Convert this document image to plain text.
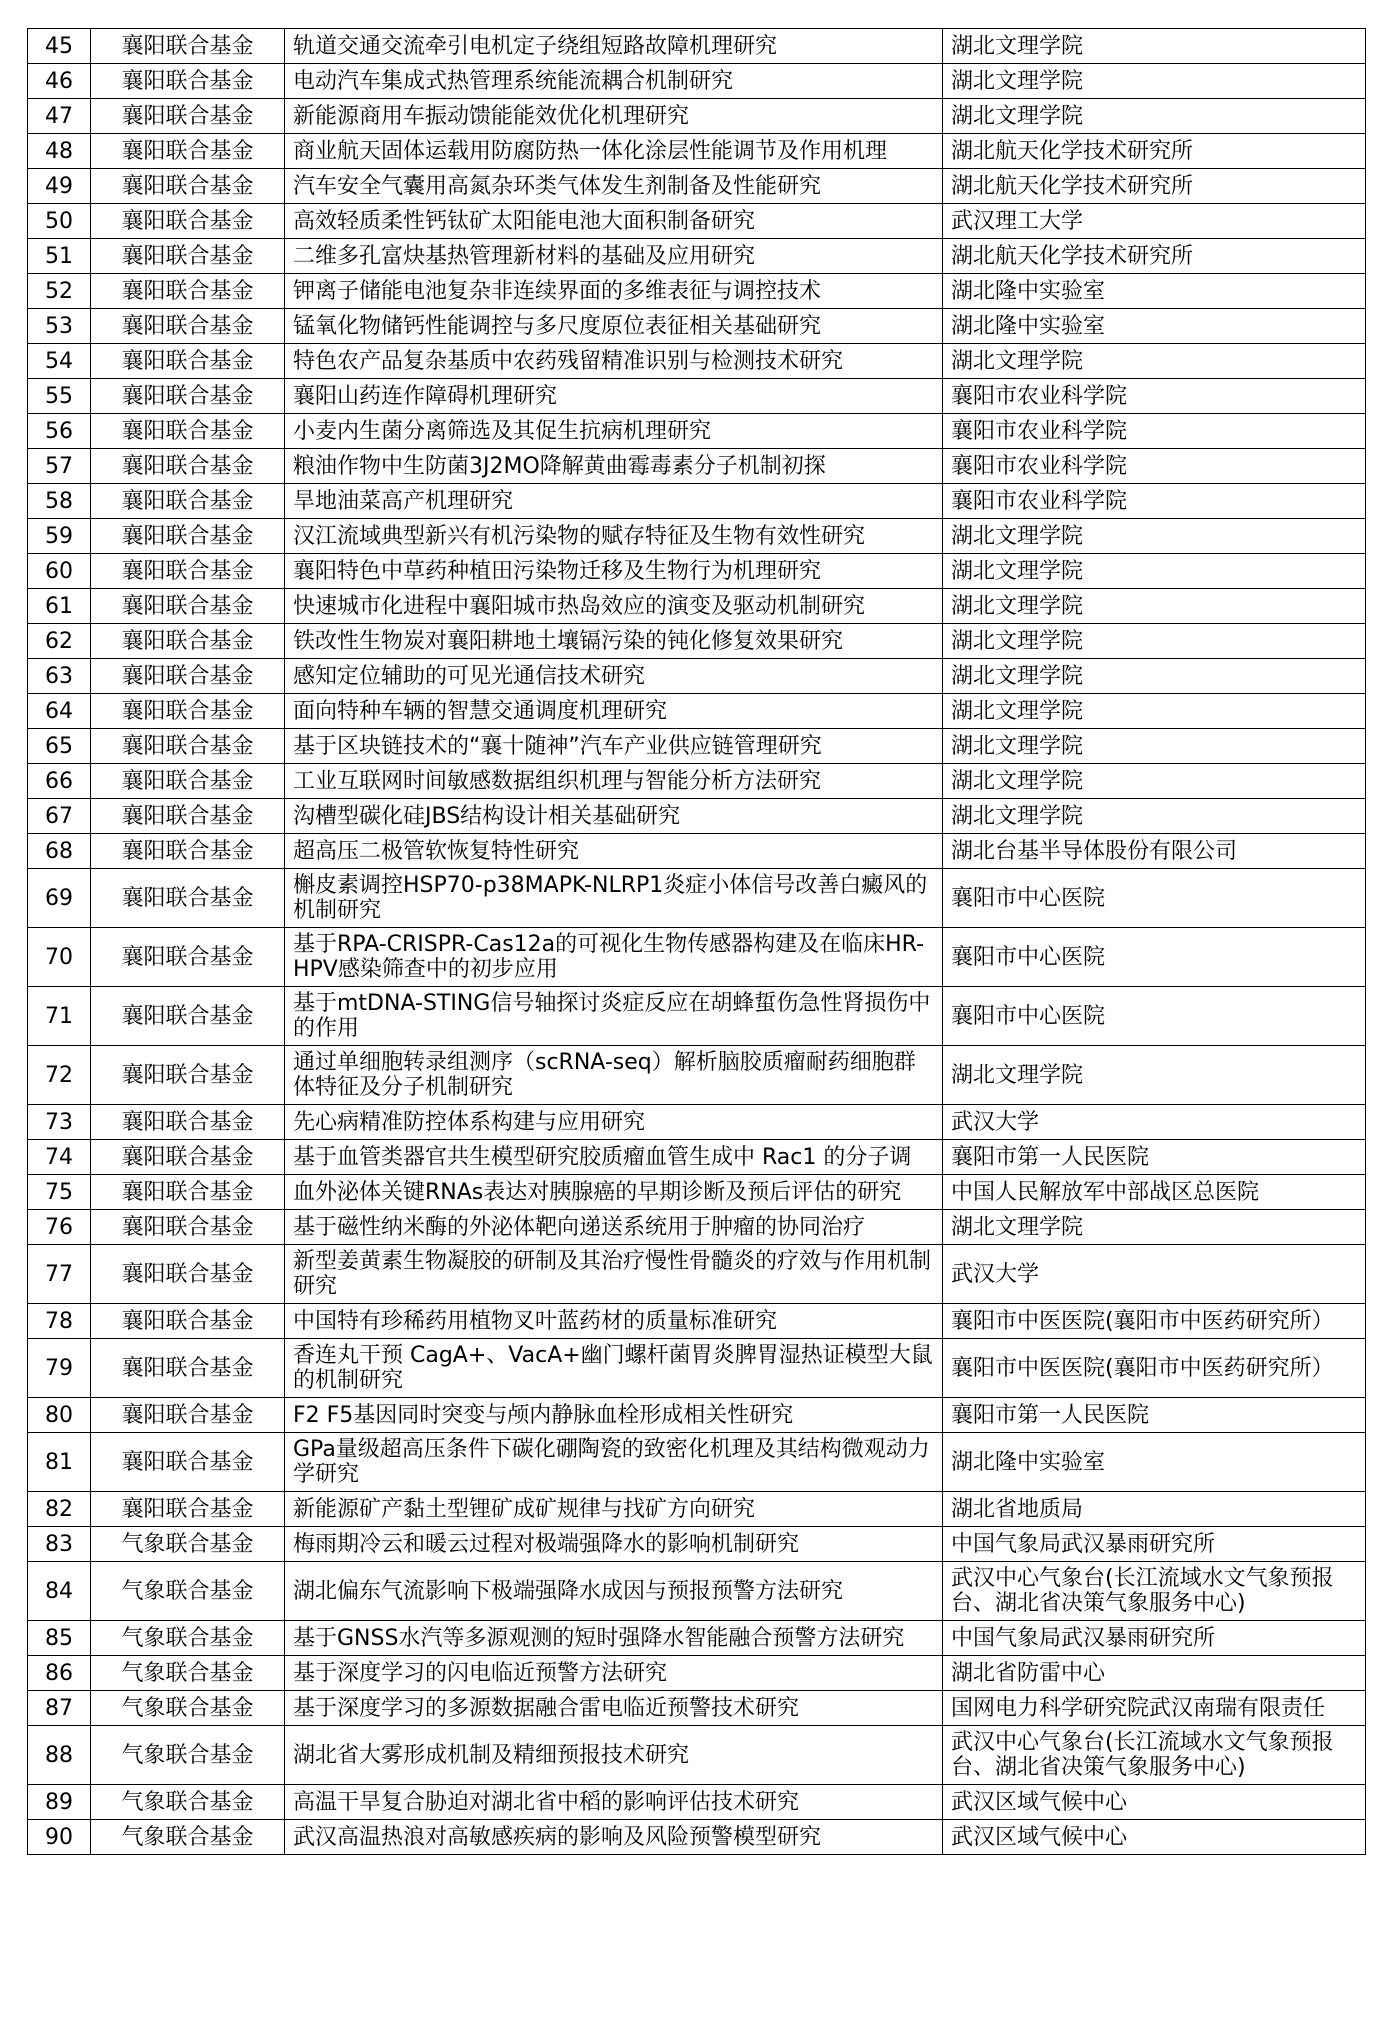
45	襄阳联合基金	轨道交通交流牵引电机定子绕组短路故障机理研究	湖北文理学院
46	襄阳联合基金	电动汽车集成式热管理系统能流耦合机制研究	湖北文理学院
47	襄阳联合基金	新能源商用车振动馈能能效优化机理研究	湖北文理学院
48	襄阳联合基金	商业航天固体运载用防腐防热一体化涂层性能调节及作用机理	湖北航天化学技术研究所
49	襄阳联合基金	汽车安全气囊用高氮杂环类气体发生剂制备及性能研究	湖北航天化学技术研究所
50	襄阳联合基金	高效轻质柔性钙钛矿太阳能电池大面积制备研究	武汉理工大学
51	襄阳联合基金	二维多孔富炔基热管理新材料的基础及应用研究	湖北航天化学技术研究所
52	襄阳联合基金	钾离子储能电池复杂非连续界面的多维表征与调控技术	湖北隆中实验室
53	襄阳联合基金	锰氧化物储钙性能调控与多尺度原位表征相关基础研究	湖北隆中实验室
54	襄阳联合基金	特色农产品复杂基质中农药残留精准识别与检测技术研究	湖北文理学院
55	襄阳联合基金	襄阳山药连作障碍机理研究	襄阳市农业科学院
56	襄阳联合基金	小麦内生菌分离筛选及其促生抗病机理研究	襄阳市农业科学院
57	襄阳联合基金	粮油作物中生防菌3J2MO降解黄曲霉毒素分子机制初探	襄阳市农业科学院
58	襄阳联合基金	旱地油菜高产机理研究	襄阳市农业科学院
59	襄阳联合基金	汉江流域典型新兴有机污染物的赋存特征及生物有效性研究	湖北文理学院
60	襄阳联合基金	襄阳特色中草药种植田污染物迁移及生物行为机理研究	湖北文理学院
61	襄阳联合基金	快速城市化进程中襄阳城市热岛效应的演变及驱动机制研究	湖北文理学院
62	襄阳联合基金	铁改性生物炭对襄阳耕地土壤镉污染的钝化修复效果研究	湖北文理学院
63	襄阳联合基金	感知定位辅助的可见光通信技术研究	湖北文理学院
64	襄阳联合基金	面向特种车辆的智慧交通调度机理研究	湖北文理学院
65	襄阳联合基金	基于区块链技术的“襄十随神”汽车产业供应链管理研究	湖北文理学院
66	襄阳联合基金	工业互联网时间敏感数据组织机理与智能分析方法研究	湖北文理学院
67	襄阳联合基金	沟槽型碳化硅JBS结构设计相关基础研究	湖北文理学院
68	襄阳联合基金	超高压二极管软恢复特性研究	湖北台基半导体股份有限公司
69	襄阳联合基金	槲皮素调控HSP70-p38MAPK-NLRP1炎症小体信号改善白癜风的机制研究	襄阳市中心医院
70	襄阳联合基金	基于RPA-CRISPR-Cas12a的可视化生物传感器构建及在临床HR-HPV感染筛查中的初步应用	襄阳市中心医院
71	襄阳联合基金	基于mtDNA-STING信号轴探讨炎症反应在胡蜂蜇伤急性肾损伤中的作用	襄阳市中心医院
72	襄阳联合基金	通过单细胞转录组测序（scRNA-seq）解析脑胶质瘤耐药细胞群体特征及分子机制研究	湖北文理学院
73	襄阳联合基金	先心病精准防控体系构建与应用研究	武汉大学
74	襄阳联合基金	基于血管类器官共生模型研究胶质瘤血管生成中 Rac1 的分子调	襄阳市第一人民医院
75	襄阳联合基金	血外泌体关键RNAs表达对胰腺癌的早期诊断及预后评估的研究	中国人民解放军中部战区总医院
76	襄阳联合基金	基于磁性纳米酶的外泌体靶向递送系统用于肿瘤的协同治疗	湖北文理学院
77	襄阳联合基金	新型姜黄素生物凝胶的研制及其治疗慢性骨髓炎的疗效与作用机制研究	武汉大学
78	襄阳联合基金	中国特有珍稀药用植物叉叶蓝药材的质量标准研究	襄阳市中医医院(襄阳市中医药研究所）
79	襄阳联合基金	香连丸干预 CagA+、VacA+幽门螺杆菌胃炎脾胃湿热证模型大鼠的机制研究	襄阳市中医医院(襄阳市中医药研究所）
80	襄阳联合基金	F2 F5基因同时突变与颅内静脉血栓形成相关性研究	襄阳市第一人民医院
81	襄阳联合基金	GPa量级超高压条件下碳化硼陶瓷的致密化机理及其结构微观动力学研究	湖北隆中实验室
82	襄阳联合基金	新能源矿产黏土型锂矿成矿规律与找矿方向研究	湖北省地质局
83	气象联合基金	梅雨期冷云和暖云过程对极端强降水的影响机制研究	中国气象局武汉暴雨研究所
84	气象联合基金	湖北偏东气流影响下极端强降水成因与预报预警方法研究	武汉中心气象台(长江流域水文气象预报台、湖北省决策气象服务中心)
85	气象联合基金	基于GNSS水汽等多源观测的短时强降水智能融合预警方法研究	中国气象局武汉暴雨研究所
86	气象联合基金	基于深度学习的闪电临近预警方法研究	湖北省防雷中心
87	气象联合基金	基于深度学习的多源数据融合雷电临近预警技术研究	国网电力科学研究院武汉南瑞有限责任
88	气象联合基金	湖北省大雾形成机制及精细预报技术研究	武汉中心气象台(长江流域水文气象预报台、湖北省决策气象服务中心)
89	气象联合基金	高温干旱复合胁迫对湖北省中稻的影响评估技术研究	武汉区域气候中心
90	气象联合基金	武汉高温热浪对高敏感疾病的影响及风险预警模型研究	武汉区域气候中心
